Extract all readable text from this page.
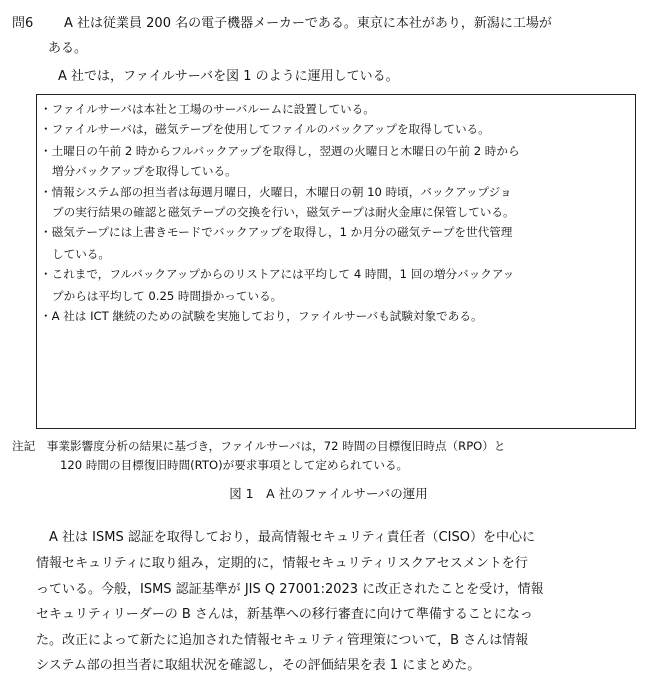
問6 A 社は従業員 200 名の電子機器メーカーである。東京に本社があり，新潟に工場が
ある。
A 社では，ファイルサーバを図 1 のように運用している。
・ファイルサーバは本社と工場のサーバルームに設置している。
・ファイルサーバは，磁気テープを使用してファイルのバックアップを取得している。
・土曜日の午前 2 時からフルバックアップを取得し，翌週の火曜日と木曜日の午前 2 時から
増分バックアップを取得している。
・情報システム部の担当者は毎週月曜日，火曜日，木曜日の朝 10 時頃，バックアップジョ
ブの実行結果の確認と磁気テープの交換を行い，磁気テープは耐火金庫に保管している。
・磁気テープには上書きモードでバックアップを取得し，1 か月分の磁気テープを世代管理
している。
・これまで，フルバックアップからのリストアには平均して 4 時間，1 回の増分バックアッ
プからは平均して 0.25 時間掛かっている。
・A 社は ICT 継続のための試験を実施しており，ファイルサーバも試験対象である。
注記　事業影響度分析の結果に基づき，ファイルサーバは，72 時間の目標復旧時点（RPO）と
120 時間の目標復旧時間(RTO)が要求事項として定められている。
図 1　A 社のファイルサーバの運用
　A 社は ISMS 認証を取得しており，最高情報セキュリティ責任者（CISO）を中心に
情報セキュリティに取り組み，定期的に，情報セキュリティリスクアセスメントを行
っている。今般，ISMS 認証基準が JIS Q 27001:2023 に改正されたことを受け，情報
セキュリティリーダーの B さんは，新基準への移行審査に向けて準備することになっ
た。改正によって新たに追加された情報セキュリティ管理策について，B さんは情報
システム部の担当者に取組状況を確認し，その評価結果を表 1 にまとめた。
